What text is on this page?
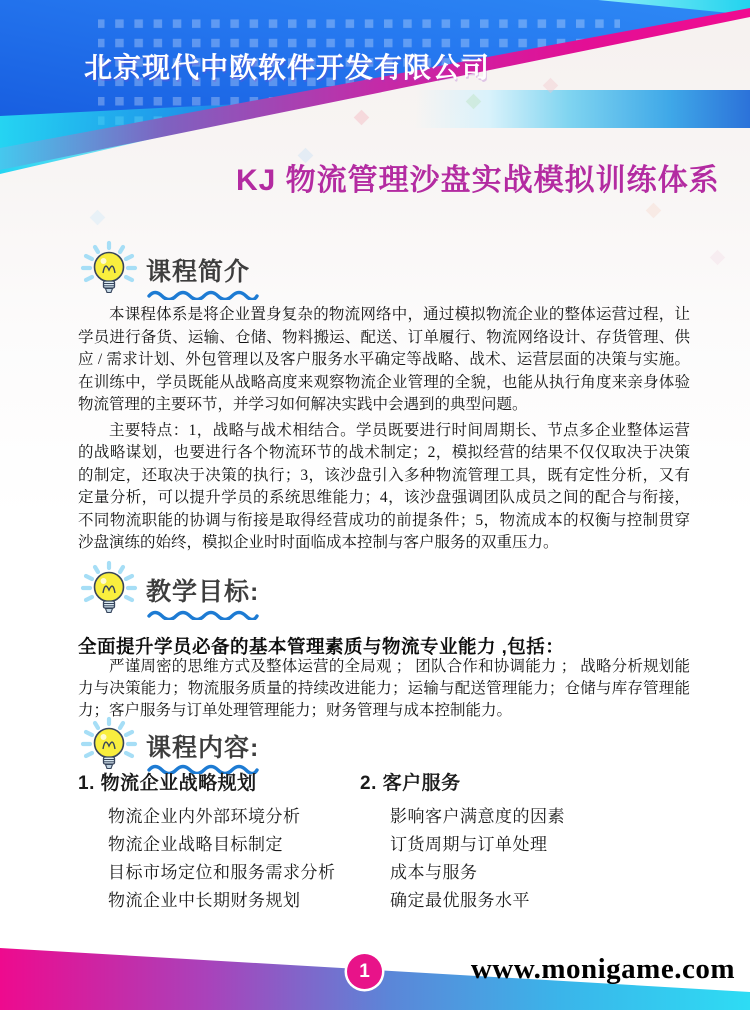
北京现代中欧软件开发有限公司
KJ 物流管理沙盘实战模拟训练体系
课程简介

本课程体系是将企业置身复杂的物流网络中，通过模拟物流企业的整体运营过程，让学员进行备货、运输、仓储、物料搬运、配送、订单履行、物流网络设计、存货管理、供应 / 需求计划、外包管理以及客户服务水平确定等战略、战术、运营层面的决策与实施。在训练中，学员既能从战略高度来观察物流企业管理的全貌，也能从执行角度来亲身体验物流管理的主要环节，并学习如何解决实践中会遇到的典型问题。

主要特点：1，战略与战术相结合。学员既要进行时间周期长、节点多企业整体运营的战略谋划，也要进行各个物流环节的战术制定；2，模拟经营的结果不仅仅取决于决策的制定，还取决于决策的执行；3，该沙盘引入多种物流管理工具，既有定性分析，又有定量分析，可以提升学员的系统思维能力；4，该沙盘强调团队成员之间的配合与衔接，不同物流职能的协调与衔接是取得经营成功的前提条件；5，物流成本的权衡与控制贯穿沙盘演练的始终，模拟企业时时面临成本控制与客户服务的双重压力。

教学目标:
全面提升学员必备的基本管理素质与物流专业能力 ,包括：
严谨周密的思维方式及整体运营的全局观 ； 团队合作和协调能力 ； 战略分析规划能力与决策能力；物流服务质量的持续改进能力；运输与配送管理能力；仓储与库存管理能力；客户服务与订单处理管理能力；财务管理与成本控制能力。
课程内容:

1. 物流企业战略规划

物流企业内外部环境分析
物流企业战略目标制定
目标市场定位和服务需求分析
物流企业中长期财务规划

2. 客户服务

影响客户满意度的因素
订货周期与订单处理
成本与服务
确定最优服务水平
1	www.monigame.com
